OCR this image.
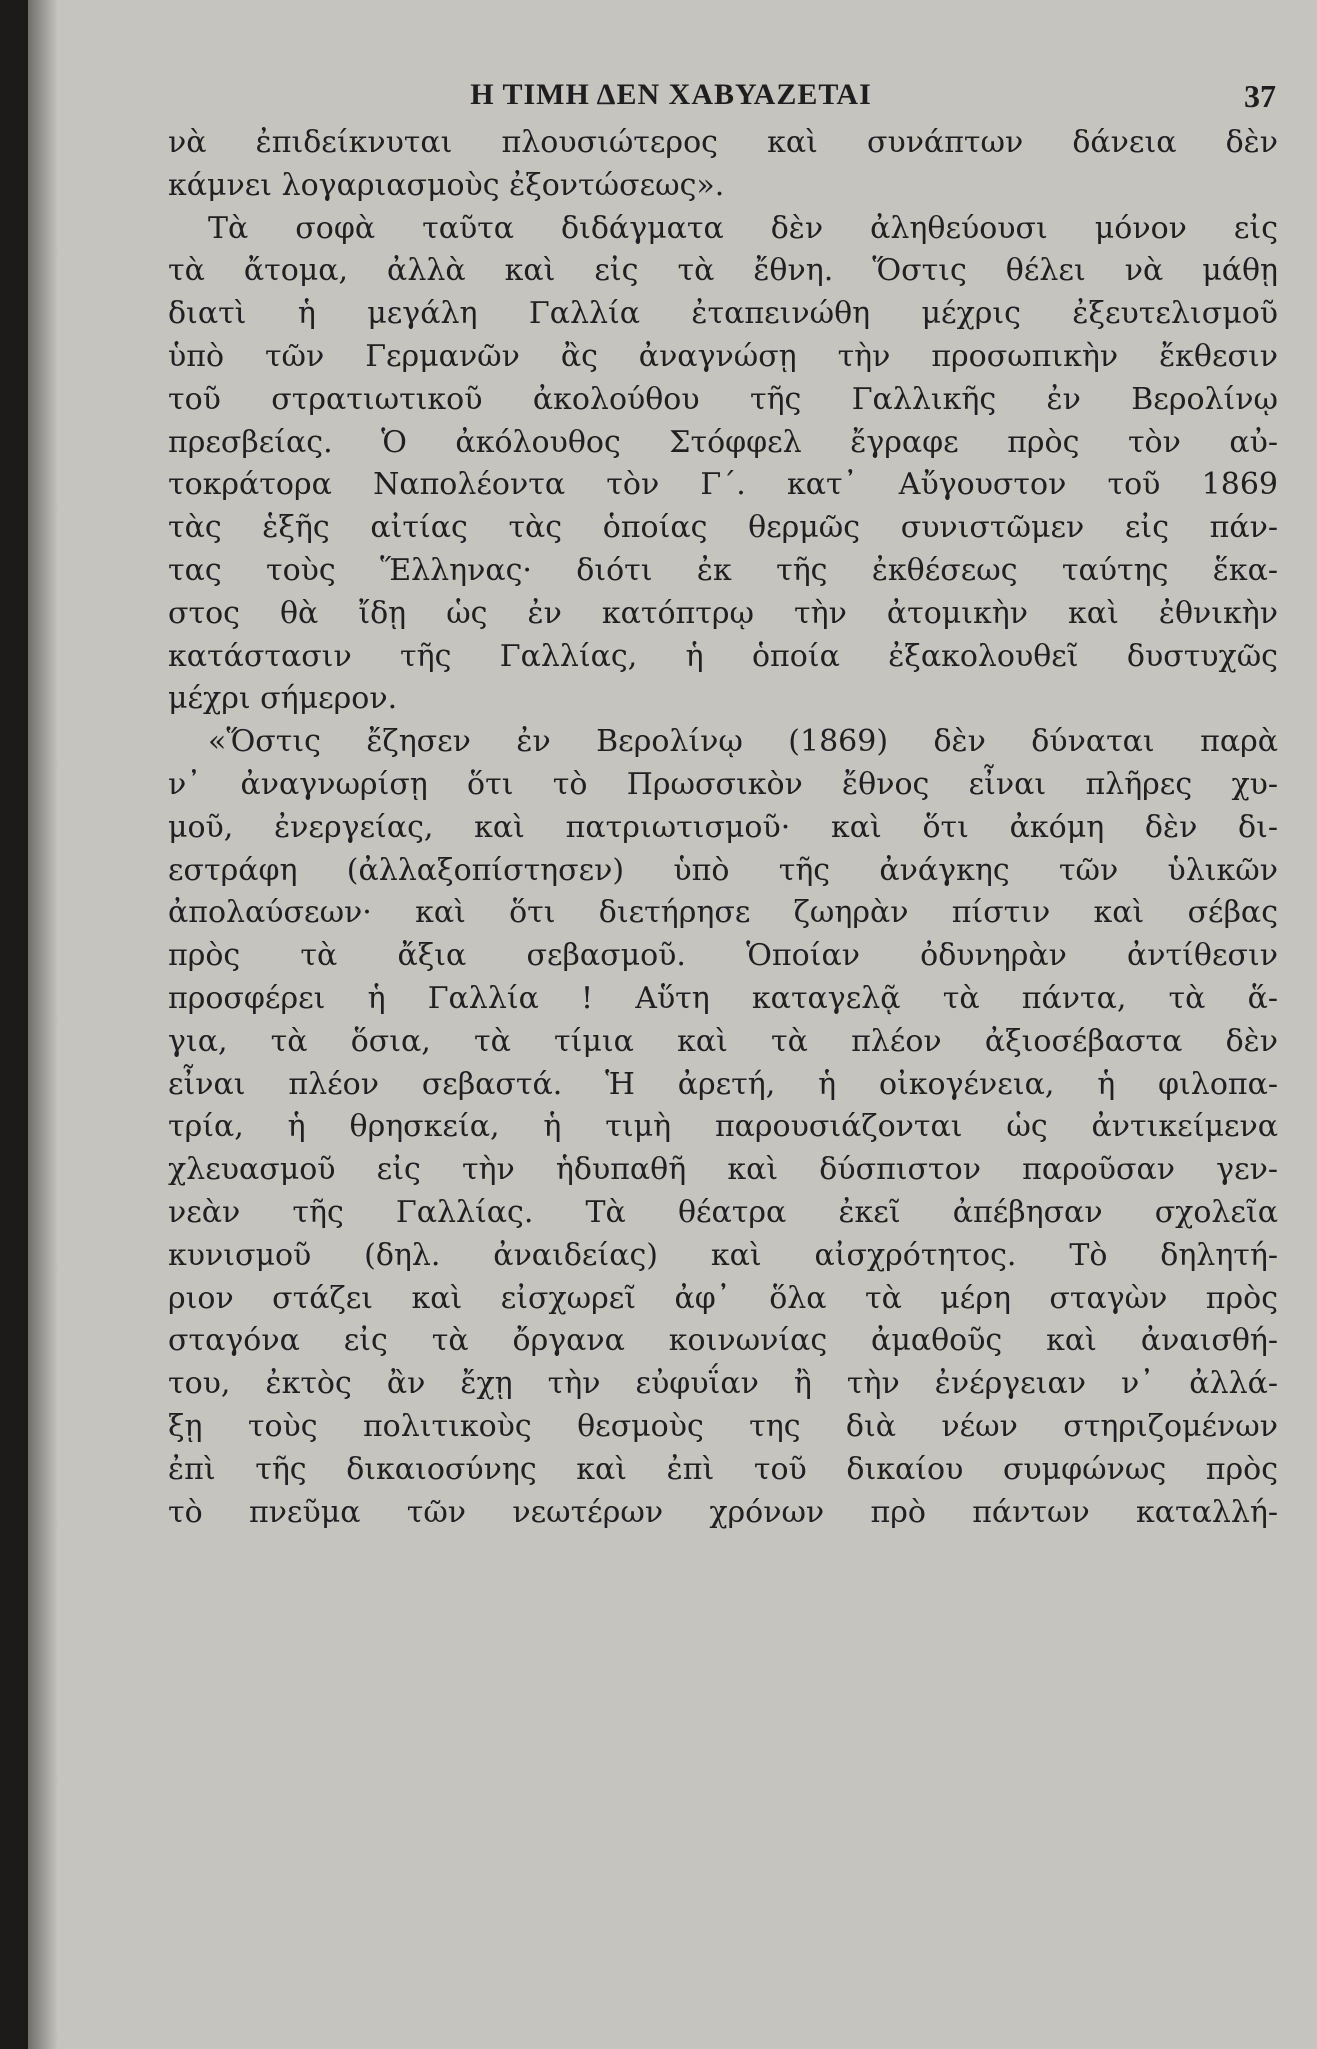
Η ΤΙΜΗ ΔΕΝ ΧΑΒΥΑΖΕΤΑΙ	37
νὰ ἐπιδείκνυται πλουσιώτερος καὶ συνάπτων δάνεια δὲν
κάμνει λογαριασμοὺς ἐξοντώσεως».
Τὰ σοφὰ ταῦτα διδάγματα δὲν ἀληθεύουσι μόνον εἰς
τὰ ἄτομα, ἀλλὰ καὶ εἰς τὰ ἔθνη. Ὅστις θέλει νὰ μάθῃ
διατὶ ἡ μεγάλη Γαλλία ἐταπεινώθη μέχρις ἐξευτελισμοῦ
ὑπὸ τῶν Γερμανῶν ἂς ἀναγνώσῃ τὴν προσωπικὴν ἔκθεσιν
τοῦ στρατιωτικοῦ ἀκολούθου τῆς Γαλλικῆς ἐν Βερολίνῳ
πρεσβείας. Ὁ ἀκόλουθος Στόφφελ ἔγραφε πρὸς τὸν αὐ-
τοκράτορα Ναπολέοντα τὸν Γ΄. κατ᾽ Αὔγουστον τοῦ 1869
τὰς ἑξῆς αἰτίας τὰς ὁποίας θερμῶς συνιστῶμεν εἰς πάν-
τας τοὺς Ἕλληνας· διότι ἐκ τῆς ἐκθέσεως ταύτης ἕκα-
στος θὰ ἴδῃ ὡς ἐν κατόπτρῳ τὴν ἀτομικὴν καὶ ἐθνικὴν
κατάστασιν τῆς Γαλλίας, ἡ ὁποία ἐξακολουθεῖ δυστυχῶς
μέχρι σήμερον.
«Ὅστις ἔζησεν ἐν Βερολίνῳ (1869) δὲν δύναται παρὰ
ν᾽ ἀναγνωρίσῃ ὅτι τὸ Πρωσσικὸν ἔθνος εἶναι πλῆρες χυ-
μοῦ, ἐνεργείας, καὶ πατριωτισμοῦ· καὶ ὅτι ἀκόμη δὲν δι-
εστράφη (ἀλλαξοπίστησεν) ὑπὸ τῆς ἀνάγκης τῶν ὑλικῶν
ἀπολαύσεων· καὶ ὅτι διετήρησε ζωηρὰν πίστιν καὶ σέβας
πρὸς τὰ ἄξια σεβασμοῦ. Ὁποίαν ὀδυνηρὰν ἀντίθεσιν
προσφέρει ἡ Γαλλία ! Αὕτη καταγελᾷ τὰ πάντα, τὰ ἅ-
για, τὰ ὅσια, τὰ τίμια καὶ τὰ πλέον ἀξιοσέβαστα δὲν
εἶναι πλέον σεβαστά. Ἡ ἀρετή, ἡ οἰκογένεια, ἡ φιλοπα-
τρία, ἡ θρησκεία, ἡ τιμὴ παρουσιάζονται ὡς ἀντικείμενα
χλευασμοῦ εἰς τὴν ἡδυπαθῆ καὶ δύσπιστον παροῦσαν γεν-
νεὰν τῆς Γαλλίας. Τὰ θέατρα ἐκεῖ ἀπέβησαν σχολεῖα
κυνισμοῦ (δηλ. ἀναιδείας) καὶ αἰσχρότητος. Τὸ δηλητή-
ριον στάζει καὶ εἰσχωρεῖ ἀφ᾽ ὅλα τὰ μέρη σταγὼν πρὸς
σταγόνα εἰς τὰ ὄργανα κοινωνίας ἀμαθοῦς καὶ ἀναισθή-
του, ἐκτὸς ἂν ἔχῃ τὴν εὐφυΐαν ἢ τὴν ἐνέργειαν ν᾽ ἀλλά-
ξῃ τοὺς πολιτικοὺς θεσμοὺς της διὰ νέων στηριζομένων
ἐπὶ τῆς δικαιοσύνης καὶ ἐπὶ τοῦ δικαίου συμφώνως πρὸς
τὸ πνεῦμα τῶν νεωτέρων χρόνων πρὸ πάντων καταλλή-
